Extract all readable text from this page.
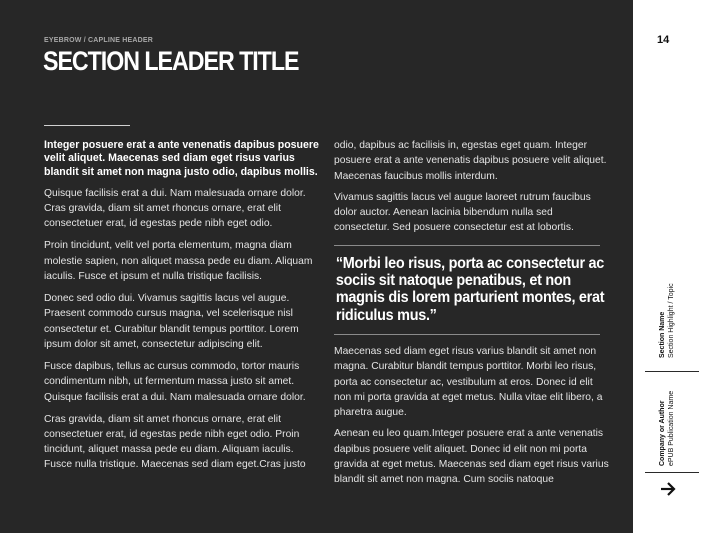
EYEBROW / CAPLINE HEADER
SECTION LEADER TITLE

Integer posuere erat a ante venenatis dapibus posuere velit aliquet. Maecenas sed diam eget risus varius blandit sit amet non magna justo odio, dapibus mollis.

Quisque facilisis erat a dui. Nam malesuada ornare dolor. Cras gravida, diam sit amet rhoncus ornare, erat elit consectetuer erat, id egestas pede nibh eget odio.

Proin tincidunt, velit vel porta elementum, magna diam molestie sapien, non aliquet massa pede eu diam. Aliquam iaculis. Fusce et ipsum et nulla tristique facilisis.

Donec sed odio dui. Vivamus sagittis lacus vel augue. Praesent commodo cursus magna, vel scelerisque nisl consectetur et. Curabitur blandit tempus porttitor. Lorem ipsum dolor sit amet, consectetur adipiscing elit.

Fusce dapibus, tellus ac cursus commodo, tortor mauris condimentum nibh, ut fermentum massa justo sit amet. Quisque facilisis erat a dui. Nam malesuada ornare dolor.

Cras gravida, diam sit amet rhoncus ornare, erat elit consectetuer erat, id egestas pede nibh eget odio. Proin tincidunt, aliquet massa pede eu diam. Aliquam iaculis. Fusce nulla tristique. Maecenas sed diam eget.Cras justo

odio, dapibus ac facilisis in, egestas eget quam. Integer posuere erat a ante venenatis dapibus posuere velit aliquet. Maecenas faucibus mollis interdum.

Vivamus sagittis lacus vel augue laoreet rutrum faucibus dolor auctor. Aenean lacinia bibendum nulla sed consectetur. Sed posuere consectetur est at lobortis.

“Morbi leo risus, porta ac consectetur ac sociis sit natoque penatibus, et non magnis dis lorem parturient montes, erat ridiculus mus.”

Maecenas sed diam eget risus varius blandit sit amet non magna. Curabitur blandit tempus porttitor. Morbi leo risus, porta ac consectetur ac, vestibulum at eros. Donec id elit non mi porta gravida at eget metus. Nulla vitae elit libero, a pharetra augue.

Aenean eu leo quam.Integer posuere erat a ante venenatis dapibus posuere velit aliquet. Donec id elit non mi porta gravida at eget metus. Maecenas sed diam eget risus varius blandit sit amet non magna. Cum sociis natoque

14
Section Name Section Highlight / Topic
Company or Author ePUB Publication Name
